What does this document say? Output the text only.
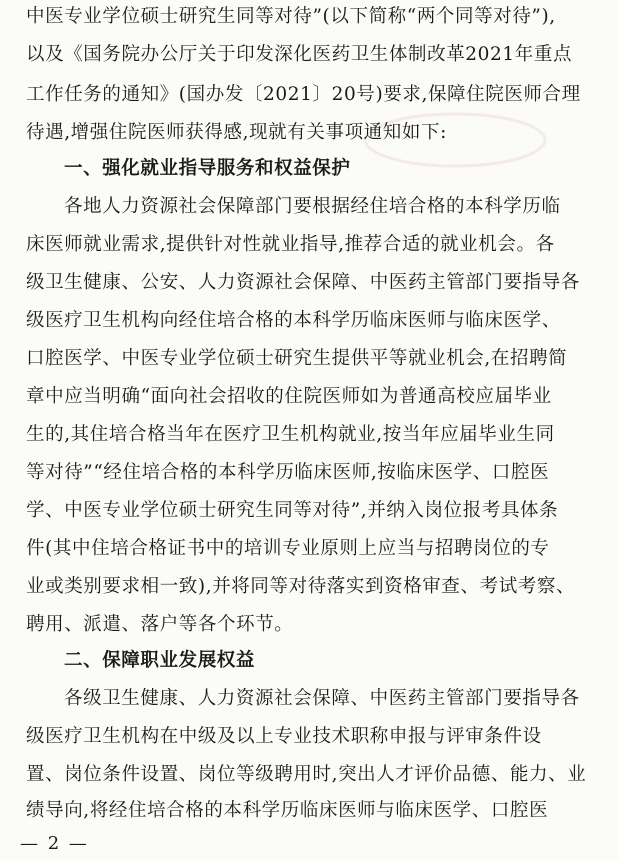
中医专业学位硕士研究生同等对待”(以下简称“两个同等对待”),
以及《国务院办公厅关于印发深化医药卫生体制改革2021年重点
工作任务的通知》(国办发〔2021〕20号)要求,保障住院医师合理
待遇,增强住院医师获得感,现就有关事项通知如下:
一、强化就业指导服务和权益保护
各地人力资源社会保障部门要根据经住培合格的本科学历临
床医师就业需求,提供针对性就业指导,推荐合适的就业机会。各
级卫生健康、公安、人力资源社会保障、中医药主管部门要指导各
级医疗卫生机构向经住培合格的本科学历临床医师与临床医学、
口腔医学、中医专业学位硕士研究生提供平等就业机会,在招聘简
章中应当明确“面向社会招收的住院医师如为普通高校应届毕业
生的,其住培合格当年在医疗卫生机构就业,按当年应届毕业生同
等对待”“经住培合格的本科学历临床医师,按临床医学、口腔医
学、中医专业学位硕士研究生同等对待”,并纳入岗位报考具体条
件(其中住培合格证书中的培训专业原则上应当与招聘岗位的专
业或类别要求相一致),并将同等对待落实到资格审查、考试考察、
聘用、派遣、落户等各个环节。
二、保障职业发展权益
各级卫生健康、人力资源社会保障、中医药主管部门要指导各
级医疗卫生机构在中级及以上专业技术职称申报与评审条件设
置、岗位条件设置、岗位等级聘用时,突出人才评价品德、能力、业
绩导向,将经住培合格的本科学历临床医师与临床医学、口腔医
— 2 —
